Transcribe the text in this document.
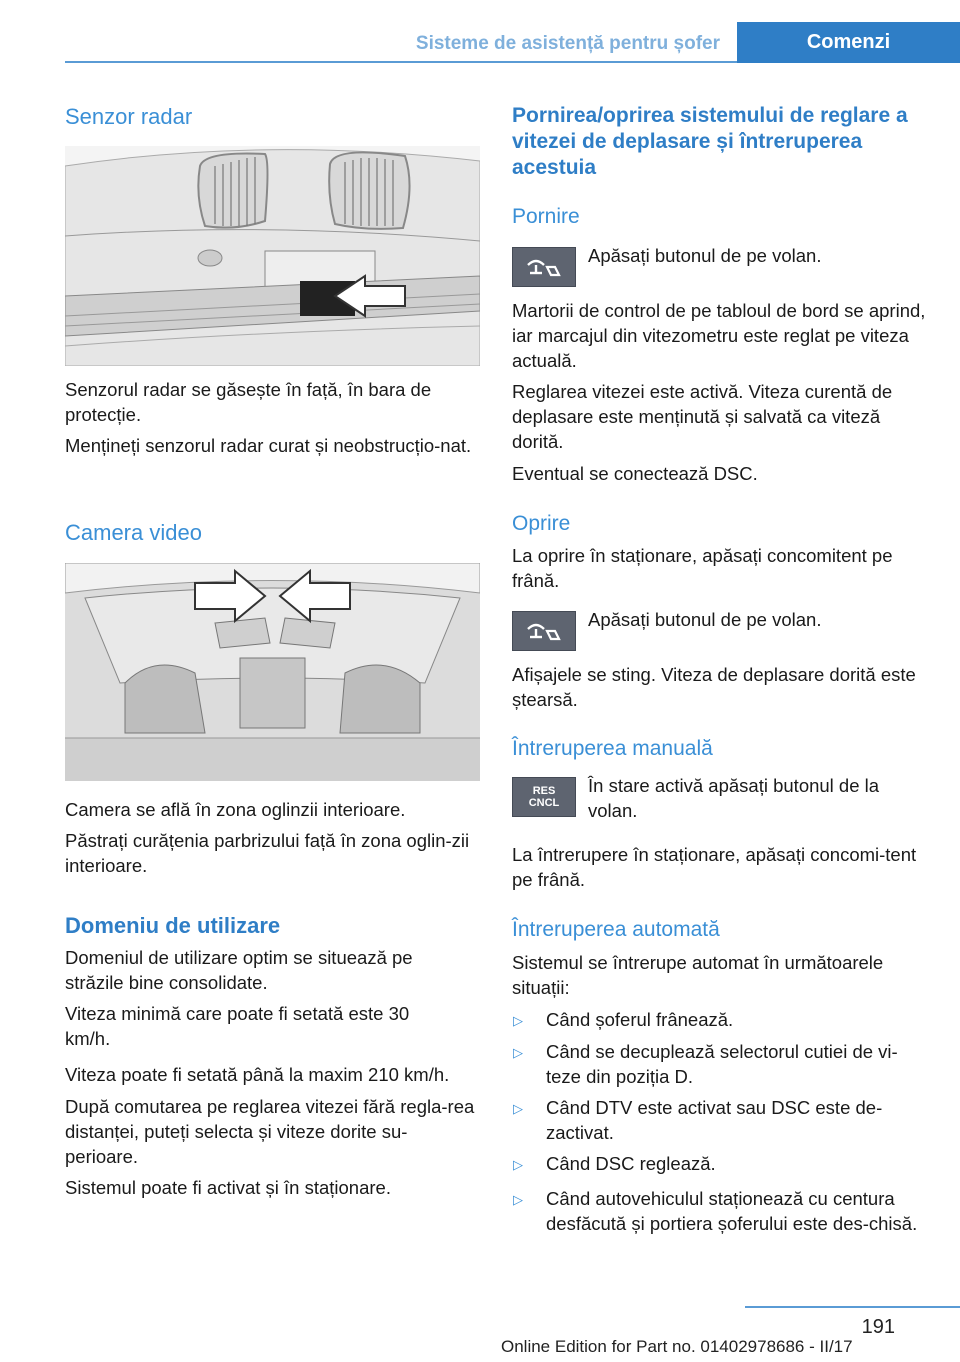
Sisteme de asistență pentru șofer	Comenzi
Senzor radar

Senzorul radar se găsește în față, în bara de protecție.

Mențineți senzorul radar curat și neobstrucțio‐nat.

Camera video

Camera se află în zona oglinzii interioare.

Păstrați curățenia parbrizului față în zona oglin‐zii interioare.

Domeniu de utilizare

Domeniul de utilizare optim se situează pe străzile bine consolidate.

Viteza minimă care poate fi setată este 30 km/h.

Viteza poate fi setată până la maxim 210 km/h.

După comutarea pe reglarea vitezei fără regla‐rea distanței, puteți selecta și viteze dorite su‐perioare.

Sistemul poate fi activat și în staționare.

Pornirea/oprirea sistemului de reglare a vitezei de deplasare și întreruperea acestuia
Pornire

Apăsați butonul de pe volan.

Martorii de control de pe tabloul de bord se aprind, iar marcajul din vitezometru este reglat pe viteza actuală.

Reglarea vitezei este activă. Viteza curentă de deplasare este menținută și salvată ca viteză dorită.

Eventual se conectează DSC.

Oprire

La oprire în staționare, apăsați concomitent pe frână.

Apăsați butonul de pe volan.

Afișajele se sting. Viteza de deplasare dorită este ștearsă.

Întreruperea manuală
RES
CNCL

În stare activă apăsați butonul de la volan.

La întrerupere în staționare, apăsați concomi‐tent pe frână.

Întreruperea automată

Sistemul se întrerupe automat în următoarele situații:

▷ Când șoferul frânează.

▷ Când se decuplează selectorul cutiei de vi‐teze din poziția D.

▷ Când DTV este activat sau DSC este de‐zactivat.

▷ Când DSC reglează.

▷ Când autovehiculul staționează cu centura desfăcută și portiera șoferului este des‐chisă.

191
Online Edition for Part no. 01402978686 - II/17
